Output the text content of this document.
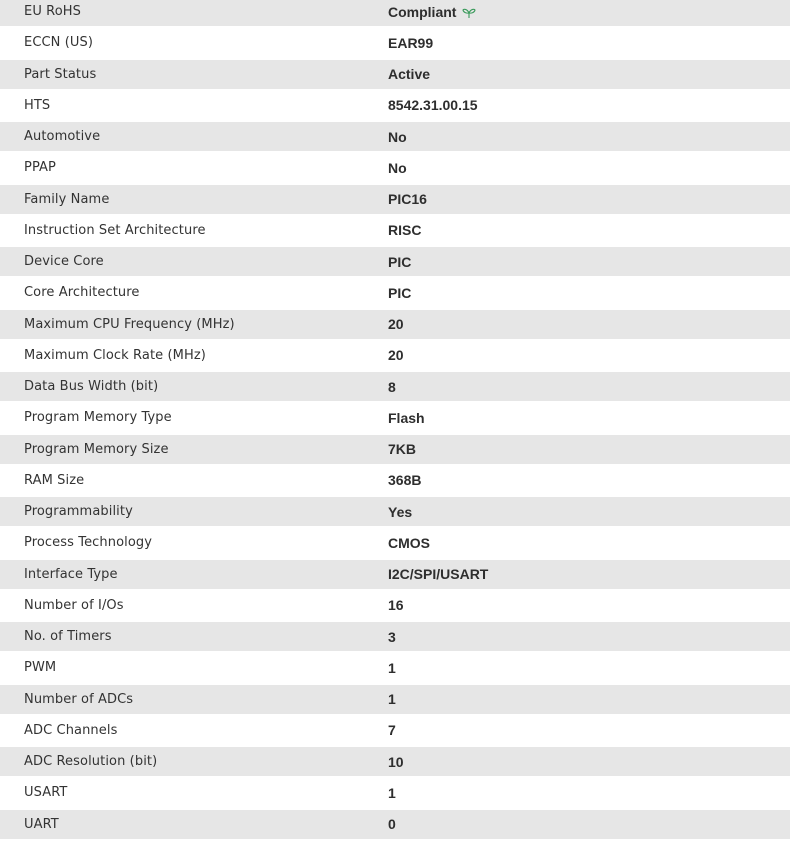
EU RoHS	Compliant
ECCN (US)	EAR99
Part Status	Active
HTS	8542.31.00.15
Automotive	No
PPAP	No
Family Name	PIC16
Instruction Set Architecture	RISC
Device Core	PIC
Core Architecture	PIC
Maximum CPU Frequency (MHz)	20
Maximum Clock Rate (MHz)	20
Data Bus Width (bit)	8
Program Memory Type	Flash
Program Memory Size	7KB
RAM Size	368B
Programmability	Yes
Process Technology	CMOS
Interface Type	I2C/SPI/USART
Number of I/Os	16
No. of Timers	3
PWM	1
Number of ADCs	1
ADC Channels	7
ADC Resolution (bit)	10
USART	1
UART	0
